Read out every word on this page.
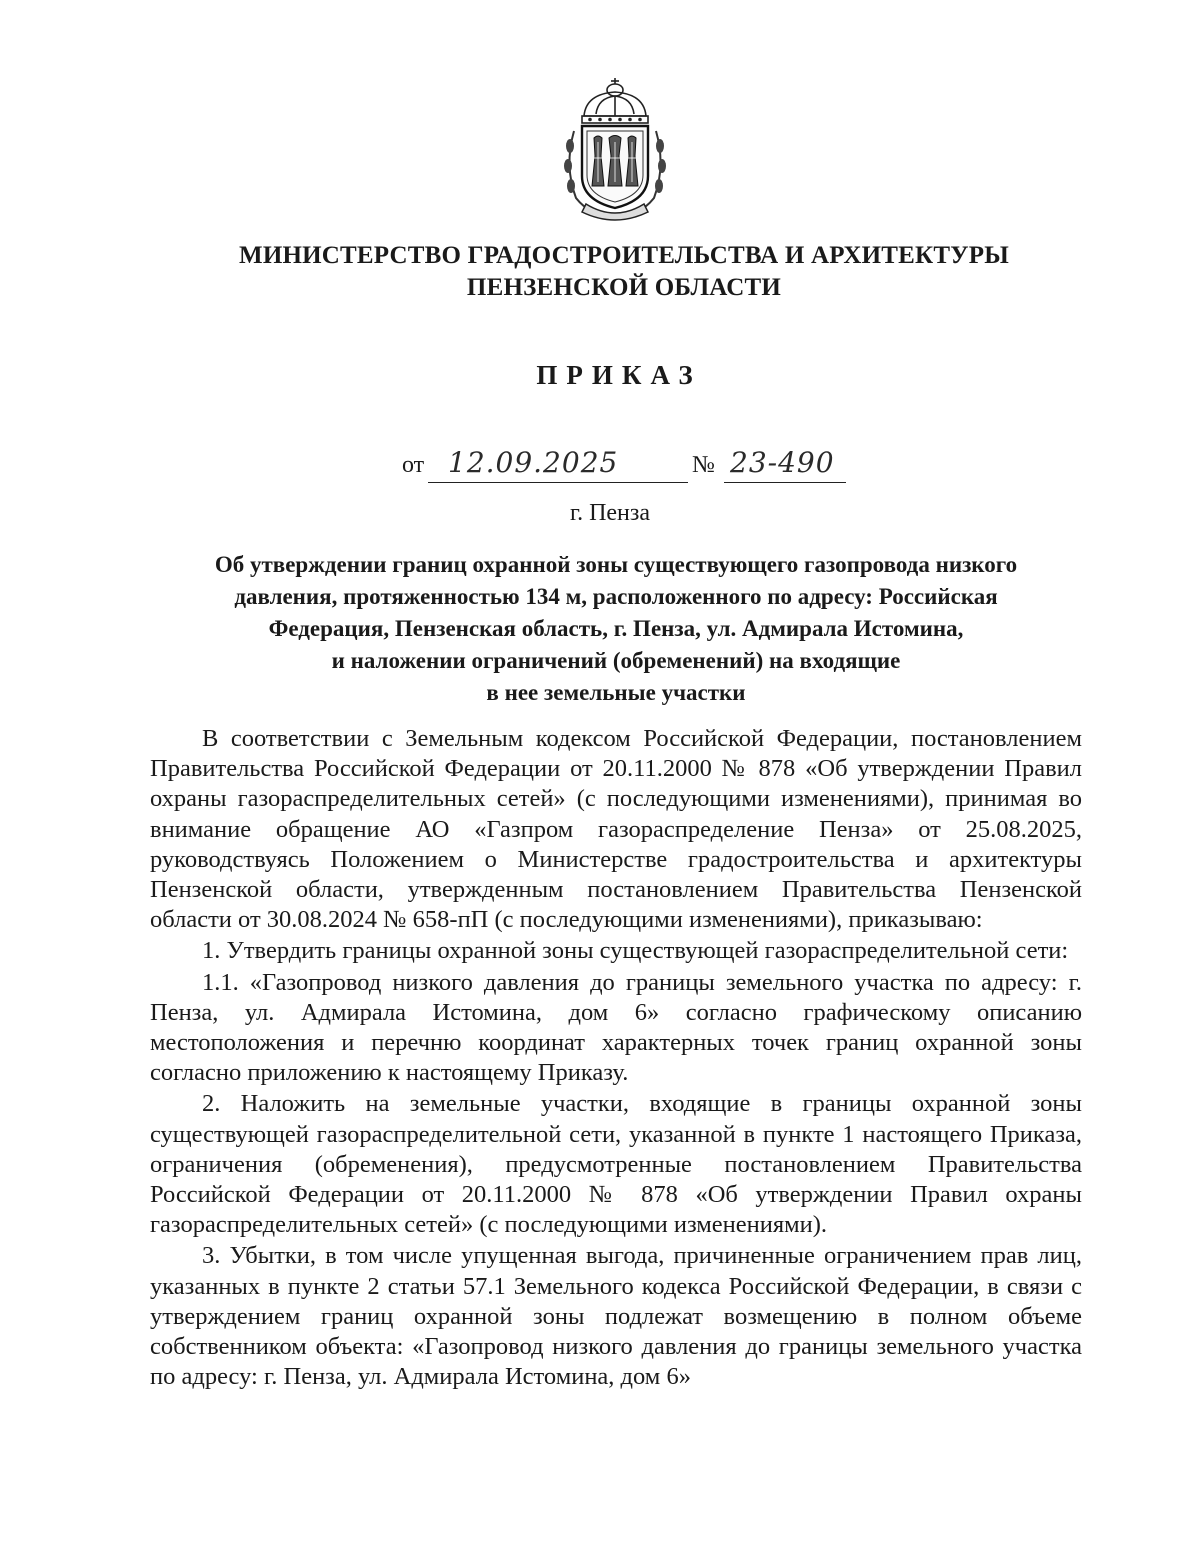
МИНИСТЕРСТВО ГРАДОСТРОИТЕЛЬСТВА И АРХИТЕКТУРЫ
ПЕНЗЕНСКОЙ ОБЛАСТИ
ПРИКАЗ
от 12.09.2025	№ 23-490
г. Пенза
Об утверждении границ охранной зоны существующего газопровода низкого
давления, протяженностью 134 м, расположенного по адресу: Российская
Федерация, Пензенская область, г. Пенза, ул. Адмирала Истомина,
и наложении ограничений (обременений) на входящие
в нее земельные участки

В соответствии с Земельным кодексом Российской Федерации, постановлением Правительства Российской Федерации от 20.11.2000 № 878 «Об утверждении Правил охраны газораспределительных сетей» (с последующими изменениями), принимая во внимание обращение АО «Газпром газораспределение Пенза» от 25.08.2025, руководствуясь Положением о Министерстве градостроительства и архитектуры Пензенской области, утвержденным постановлением Правительства Пензенской области от 30.08.2024 № 658-пП (с последующими изменениями), приказываю:

1. Утвердить границы охранной зоны существующей газораспределительной сети:

1.1. «Газопровод низкого давления до границы земельного участка по адресу: г. Пенза, ул. Адмирала Истомина, дом 6» согласно графическому описанию местоположения и перечню координат характерных точек границ охранной зоны согласно приложению к настоящему Приказу.

2. Наложить на земельные участки, входящие в границы охранной зоны существующей газораспределительной сети, указанной в пункте 1 настоящего Приказа, ограничения (обременения), предусмотренные постановлением Правительства Российской Федерации от 20.11.2000 № 878 «Об утверждении Правил охраны газораспределительных сетей» (с последующими изменениями).

3. Убытки, в том числе упущенная выгода, причиненные ограничением прав лиц, указанных в пункте 2 статьи 57.1 Земельного кодекса Российской Федерации, в связи с утверждением границ охранной зоны подлежат возмещению в полном объеме собственником объекта: «Газопровод низкого давления до границы земельного участка по адресу: г. Пенза, ул. Адмирала Истомина, дом 6»
